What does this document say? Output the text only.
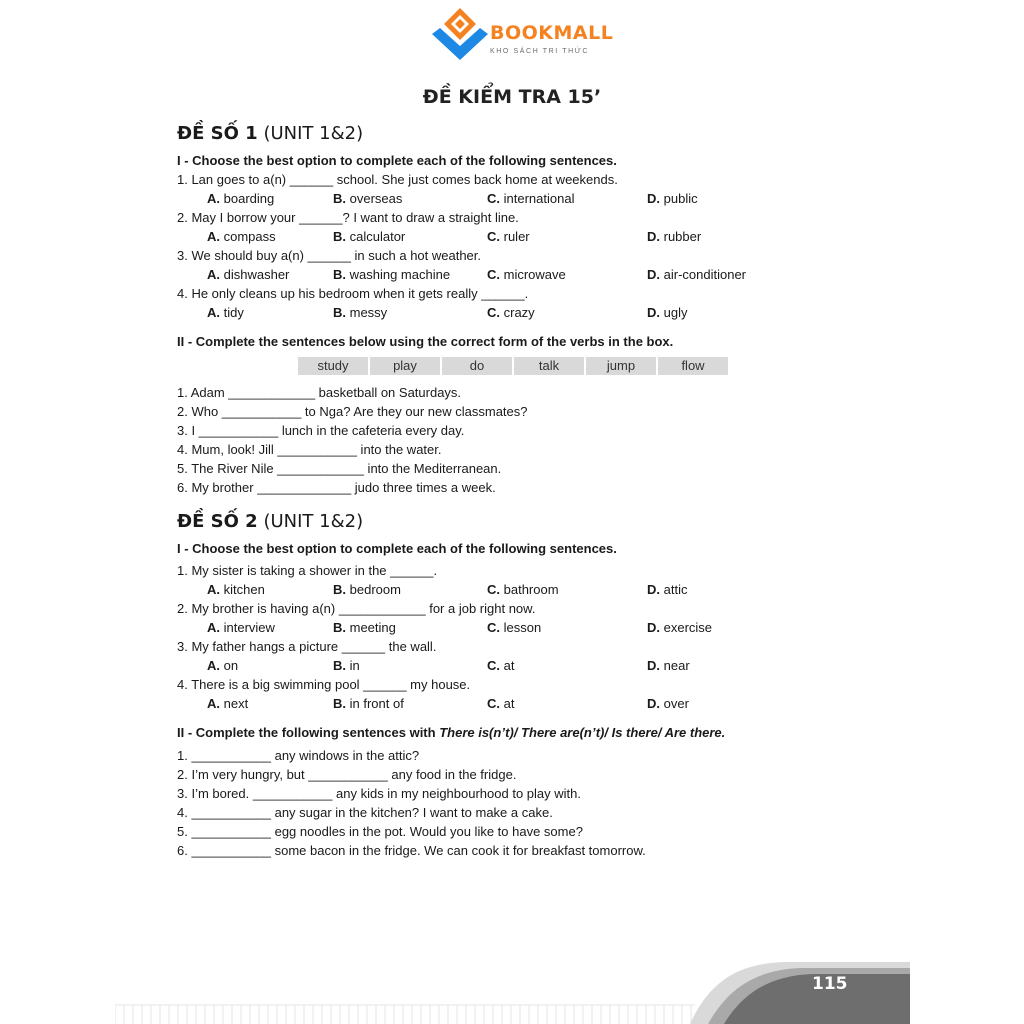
BOOKMALL
KHO SÁCH TRI THỨC
ĐỀ KIỂM TRA 15’
ĐỀ SỐ 1 (UNIT 1&2)

I - Choose the best option to complete each of the following sentences.

1. Lan goes to a(n) ______ school. She just comes back home at weekends.

A. boarding	B. overseas	C. international	D. public

2. May I borrow your ______? I want to draw a straight line.

A. compass	B. calculator	C. ruler	D. rubber

3. We should buy a(n) ______ in such a hot weather.

A. dishwasher	B. washing machine	C. microwave	D. air-conditioner

4. He only cleans up his bedroom when it gets really ______.

A. tidy	B. messy	C. crazy	D. ugly

II - Complete the sentences below using the correct form of the verbs in the box.

study	play	do	talk	jump	flow

1. Adam ____________ basketball on Saturdays.

2. Who ___________ to Nga? Are they our new classmates?

3. I ___________ lunch in the cafeteria every day.

4. Mum, look! Jill ___________ into the water.

5. The River Nile ____________ into the Mediterranean.

6. My brother _____________ judo three times a week.

ĐỀ SỐ 2 (UNIT 1&2)

I - Choose the best option to complete each of the following sentences.

1. My sister is taking a shower in the ______.

A. kitchen	B. bedroom	C. bathroom	D. attic

2. My brother is having a(n) ____________ for a job right now.

A. interview	B. meeting	C. lesson	D. exercise

3. My father hangs a picture ______ the wall.

A. on	B. in	C. at	D. near

4. There is a big swimming pool ______ my house.

A. next	B. in front of	C. at	D. over

II - Complete the following sentences with There is(n’t)/ There are(n’t)/ Is there/ Are there.

1. ___________ any windows in the attic?

2. I’m very hungry, but ___________ any food in the fridge.

3. I’m bored. ___________ any kids in my neighbourhood to play with.

4. ___________ any sugar in the kitchen? I want to make a cake.

5. ___________ egg noodles in the pot. Would you like to have some?

6. ___________ some bacon in the fridge. We can cook it for breakfast tomorrow.

115
